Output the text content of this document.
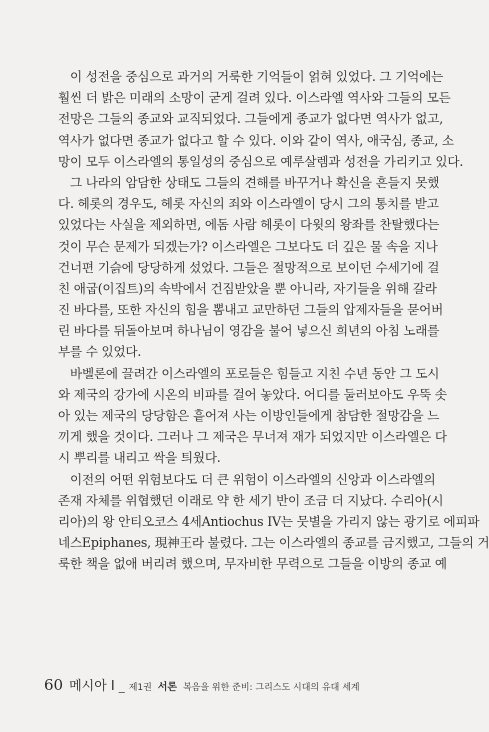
이 성전을 중심으로 과거의 거룩한 기억들이 얽혀 있었다. 그 기억에는
훨씬 더 밝은 미래의 소망이 굳게 걸려 있다. 이스라엘 역사와 그들의 모든
전망은 그들의 종교와 교직되었다. 그들에게 종교가 없다면 역사가 없고,
역사가 없다면 종교가 없다고 할 수 있다. 이와 같이 역사, 애국심, 종교, 소
망이 모두 이스라엘의 통일성의 중심으로 예루살렘과 성전을 가리키고 있다.
그 나라의 암담한 상태도 그들의 견해를 바꾸거나 확신을 흔들지 못했
다. 헤롯의 경우도, 헤롯 자신의 죄와 이스라엘이 당시 그의 통치를 받고
있었다는 사실을 제외하면, 에돔 사람 헤롯이 다윗의 왕좌를 찬탈했다는
것이 무슨 문제가 되겠는가? 이스라엘은 그보다도 더 깊은 물 속을 지나
건너편 기슭에 당당하게 섰었다. 그들은 절망적으로 보이던 수세기에 걸
친 애굽(이집트)의 속박에서 건짐받았을 뿐 아니라, 자기들을 위해 갈라
진 바다를, 또한 자신의 힘을 뽐내고 교만하던 그들의 압제자들을 묻어버
린 바다를 뒤돌아보며 하나님이 영감을 불어 넣으신 희년의 아침 노래를
부를 수 있었다.
바벨론에 끌려간 이스라엘의 포로들은 힘들고 지친 수년 동안 그 도시
와 제국의 강가에 시온의 비파를 걸어 놓았다. 어디를 둘러보아도 우뚝 솟
아 있는 제국의 당당함은 흩어져 사는 이방인들에게 참담한 절망감을 느
끼게 했을 것이다. 그러나 그 제국은 무너져 재가 되었지만 이스라엘은 다
시 뿌리를 내리고 싹을 틔웠다.
이전의 어떤 위험보다도 더 큰 위험이 이스라엘의 신앙과 이스라엘의
존재 자체를 위협했던 이래로 약 한 세기 반이 조금 더 지났다. 수리아(시
리아)의 왕 안티오코스 4세Antiochus IV는 뭇별을 가리지 않는 광기로 에피파
네스Epiphanes, 現神王라 불렸다. 그는 이스라엘의 종교를 금지했고, 그들의 거
룩한 책을 없애 버리려 했으며, 무자비한 무력으로 그들을 이방의 종교 예
60 메시아 I _ 제1권 서론 복음을 위한 준비: 그리스도 시대의 유대 세계
